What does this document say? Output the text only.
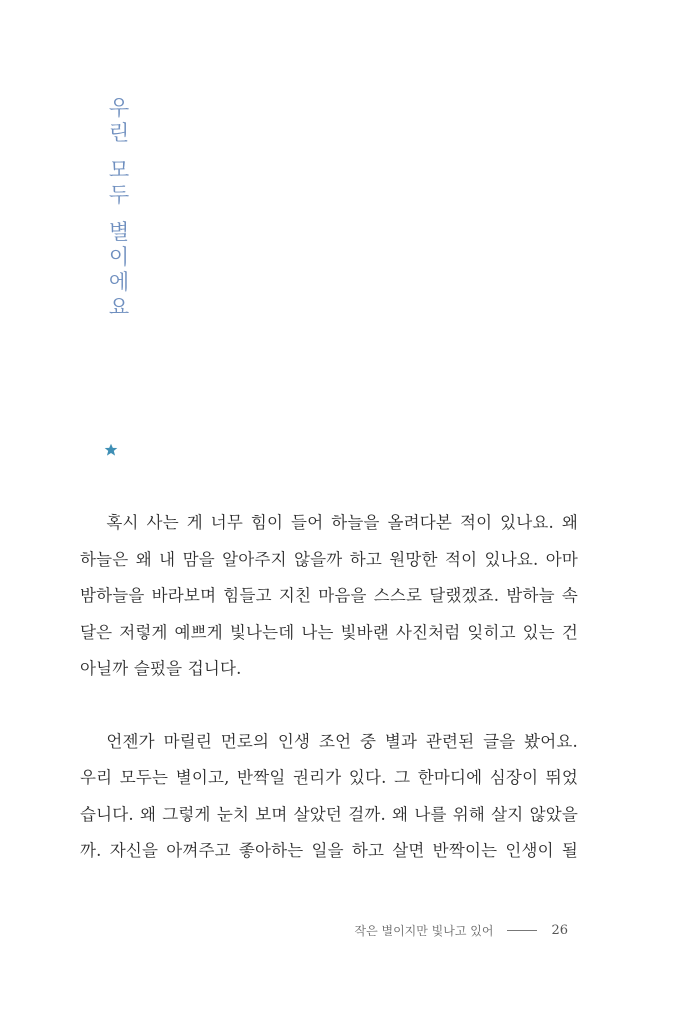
우
린
모
두
별
이
에
요

혹시 사는 게 너무 힘이 들어 하늘을 올려다본 적이 있나요. 왜
하늘은 왜 내 맘을 알아주지 않을까 하고 원망한 적이 있나요. 아마
밤하늘을 바라보며 힘들고 지친 마음을 스스로 달랬겠죠. 밤하늘 속
달은 저렇게 예쁘게 빛나는데 나는 빛바랜 사진처럼 잊히고 있는 건
아닐까 슬펐을 겁니다.

언젠가 마릴린 먼로의 인생 조언 중 별과 관련된 글을 봤어요.
우리 모두는 별이고, 반짝일 권리가 있다. 그 한마디에 심장이 뛰었
습니다. 왜 그렇게 눈치 보며 살았던 걸까. 왜 나를 위해 살지 않았을
까. 자신을 아껴주고 좋아하는 일을 하고 살면 반짝이는 인생이 될

작은 별이지만 빛나고 있어	26
